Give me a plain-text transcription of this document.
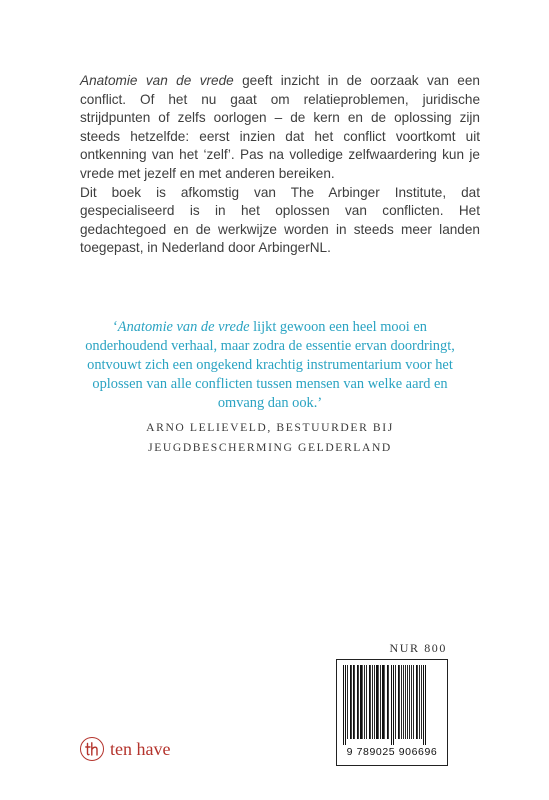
Anatomie van de vrede geeft inzicht in de oorzaak van een conflict. Of het nu gaat om relatieproblemen, juridische strijdpunten of zelfs oorlogen – de kern en de oplossing zijn steeds hetzelfde: eerst inzien dat het conflict voortkomt uit ontkenning van het ‘zelf’. Pas na volledige zelfwaardering kun je vrede met jezelf en met anderen bereiken.

Dit boek is afkomstig van The Arbinger Institute, dat gespecialiseerd is in het oplossen van conflicten. Het gedachtegoed en de werkwijze worden in steeds meer landen toegepast, in Nederland door ArbingerNL.

‘Anatomie van de vrede lijkt gewoon een heel mooi en onderhoudend verhaal, maar zodra de essentie ervan doordringt, ontvouwt zich een ongekend krachtig instrumentarium voor het oplossen van alle conflicten tussen mensen van welke aard en omvang dan ook.’

ARNO LELIEVELD, BESTUURDER BIJ
JEUGDBESCHERMING GELDERLAND
NUR 800
9 789025 906696
ten have
